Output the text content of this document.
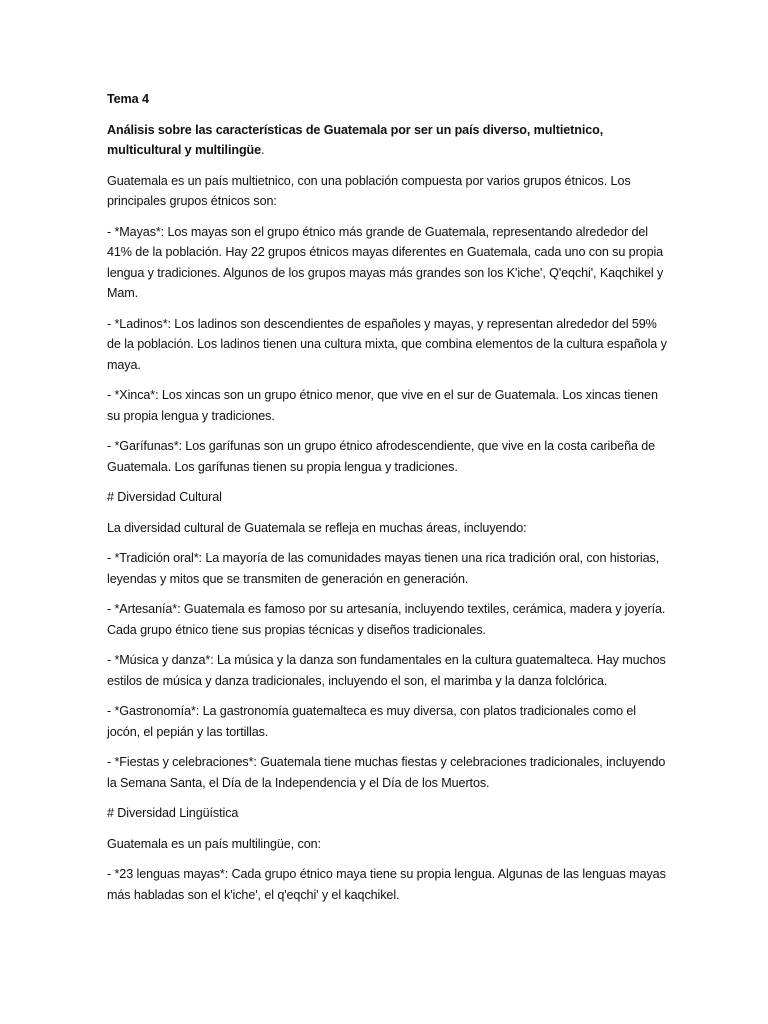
Tema 4

Análisis sobre las características de Guatemala por ser un país diverso, multietnico, multicultural y multilingüe.

Guatemala es un país multietnico, con una población compuesta por varios grupos étnicos. Los principales grupos étnicos son:

- *Mayas*: Los mayas son el grupo étnico más grande de Guatemala, representando alrededor del 41% de la población. Hay 22 grupos étnicos mayas diferentes en Guatemala, cada uno con su propia lengua y tradiciones. Algunos de los grupos mayas más grandes son los K'iche', Q'eqchi', Kaqchikel y Mam.

- *Ladinos*: Los ladinos son descendientes de españoles y mayas, y representan alrededor del 59% de la población. Los ladinos tienen una cultura mixta, que combina elementos de la cultura española y maya.

- *Xinca*: Los xincas son un grupo étnico menor, que vive en el sur de Guatemala. Los xincas tienen su propia lengua y tradiciones.

- *Garífunas*: Los garífunas son un grupo étnico afrodescendiente, que vive en la costa caribeña de Guatemala. Los garífunas tienen su propia lengua y tradiciones.

# Diversidad Cultural

La diversidad cultural de Guatemala se refleja en muchas áreas, incluyendo:

- *Tradición oral*: La mayoría de las comunidades mayas tienen una rica tradición oral, con historias, leyendas y mitos que se transmiten de generación en generación.

- *Artesanía*: Guatemala es famoso por su artesanía, incluyendo textiles, cerámica, madera y joyería. Cada grupo étnico tiene sus propias técnicas y diseños tradicionales.

- *Música y danza*: La música y la danza son fundamentales en la cultura guatemalteca. Hay muchos estilos de música y danza tradicionales, incluyendo el son, el marimba y la danza folclórica.

- *Gastronomía*: La gastronomía guatemalteca es muy diversa, con platos tradicionales como el jocón, el pepián y las tortillas.

- *Fiestas y celebraciones*: Guatemala tiene muchas fiestas y celebraciones tradicionales, incluyendo la Semana Santa, el Día de la Independencia y el Día de los Muertos.

# Diversidad Lingüística

Guatemala es un país multilingüe, con:

- *23 lenguas mayas*: Cada grupo étnico maya tiene su propia lengua. Algunas de las lenguas mayas más habladas son el k'iche', el q'eqchi' y el kaqchikel.
